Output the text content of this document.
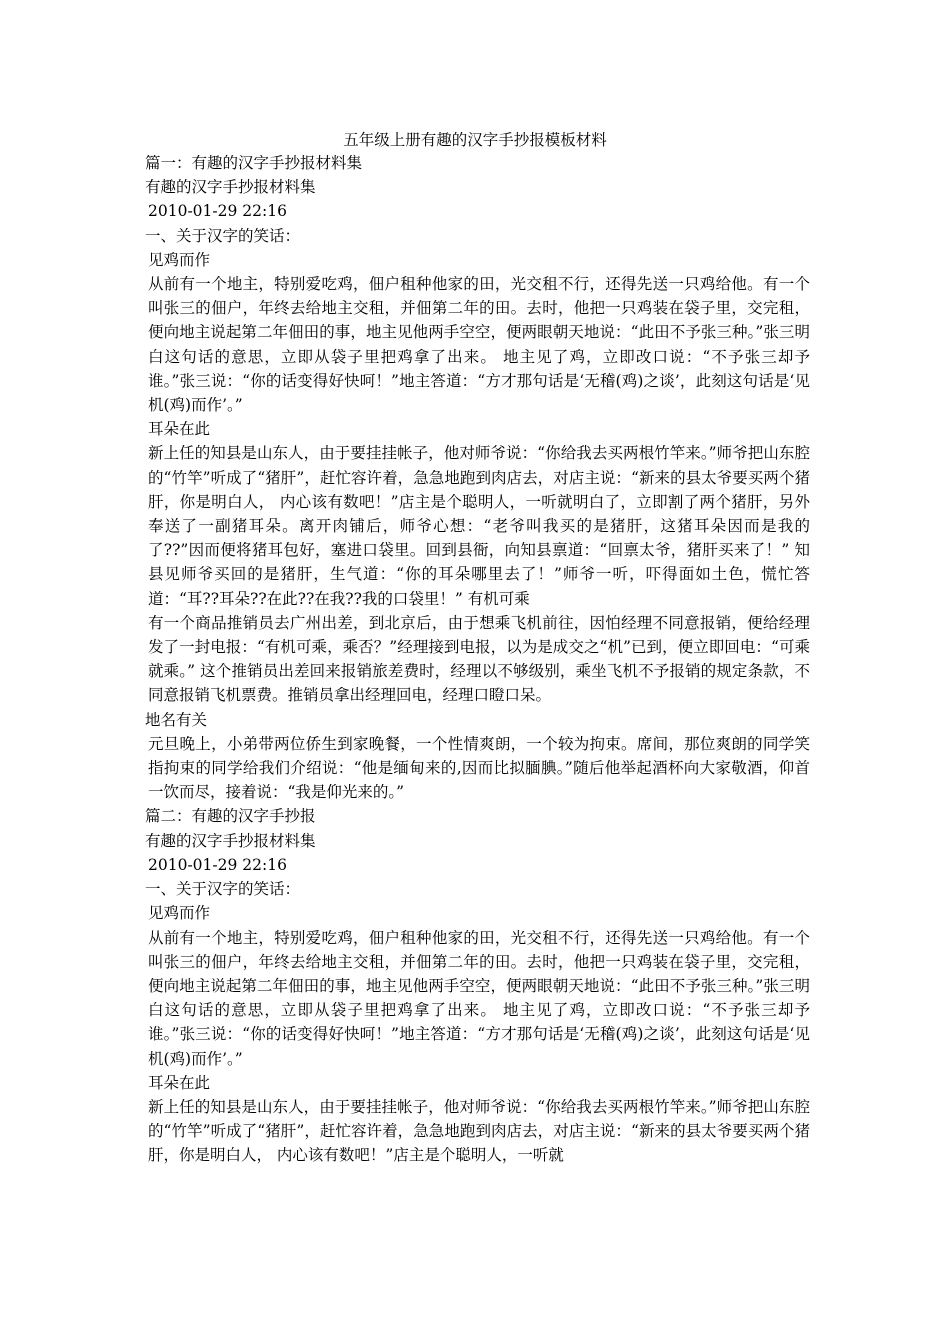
五年级上册有趣的汉字手抄报模板材料

篇一：有趣的汉字手抄报材料集

有趣的汉字手抄报材料集

2010-01-29 22:16

一、关于汉字的笑话：

见鸡而作

从前有一个地主，特别爱吃鸡，佃户租种他家的田，光交租不行，还得先送一只鸡给他。有一个叫张三的佃户，年终去给地主交租，并佃第二年的田。去时，他把一只鸡装在袋子里，交完租，便向地主说起第二年佃田的事，地主见他两手空空，便两眼朝天地说：“此田不予张三种。”张三明白这句话的意思，立即从袋子里把鸡拿了出来。 地主见了鸡，立即改口说：“不予张三却予谁。”张三说：“你的话变得好快呵！”地主答道：“方才那句话是‘无稽(鸡)之谈’，此刻这句话是‘见机(鸡)而作’。”

耳朵在此

新上任的知县是山东人，由于要挂挂帐子，他对师爷说：“你给我去买两根竹竿来。”师爷把山东腔的“竹竿”听成了“猪肝”，赶忙容许着，急急地跑到肉店去，对店主说：“新来的县太爷要买两个猪肝，你是明白人， 内心该有数吧！”店主是个聪明人，一听就明白了，立即割了两个猪肝，另外奉送了一副猪耳朵。离开肉铺后，师爷心想：“老爷叫我买的是猪肝，这猪耳朵因而是我的了??”因而便将猪耳包好，塞进口袋里。回到县衙，向知县禀道：“回禀太爷，猪肝买来了！” 知县见师爷买回的是猪肝，生气道：“你的耳朵哪里去了！”师爷一听，吓得面如土色，慌忙答道：“耳??耳朵??在此??在我??我的口袋里！” 有机可乘

有一个商品推销员去广州出差，到北京后，由于想乘飞机前往，因怕经理不同意报销，便给经理发了一封电报：“有机可乘，乘否？”经理接到电报，以为是成交之“机”已到，便立即回电：“可乘就乘。” 这个推销员出差回来报销旅差费时，经理以不够级别，乘坐飞机不予报销的规定条款，不同意报销飞机票费。推销员拿出经理回电，经理口瞪口呆。

地名有关

元旦晚上，小弟带两位侨生到家晚餐，一个性情爽朗，一个较为拘束。席间，那位爽朗的同学笑指拘束的同学给我们介绍说：“他是缅甸来的,因而比拟腼腆。”随后他举起酒杯向大家敬酒，仰首一饮而尽，接着说：“我是仰光来的。”

篇二：有趣的汉字手抄报

有趣的汉字手抄报材料集

2010-01-29 22:16

一、关于汉字的笑话：

见鸡而作

从前有一个地主，特别爱吃鸡，佃户租种他家的田，光交租不行，还得先送一只鸡给他。有一个叫张三的佃户，年终去给地主交租，并佃第二年的田。去时，他把一只鸡装在袋子里，交完租，便向地主说起第二年佃田的事，地主见他两手空空，便两眼朝天地说：“此田不予张三种。”张三明白这句话的意思，立即从袋子里把鸡拿了出来。 地主见了鸡，立即改口说：“不予张三却予谁。”张三说：“你的话变得好快呵！”地主答道：“方才那句话是‘无稽(鸡)之谈’，此刻这句话是‘见机(鸡)而作’。”

耳朵在此

新上任的知县是山东人，由于要挂挂帐子，他对师爷说：“你给我去买两根竹竿来。”师爷把山东腔的“竹竿”听成了“猪肝”，赶忙容许着，急急地跑到肉店去，对店主说：“新来的县太爷要买两个猪肝，你是明白人， 内心该有数吧！”店主是个聪明人，一听就
